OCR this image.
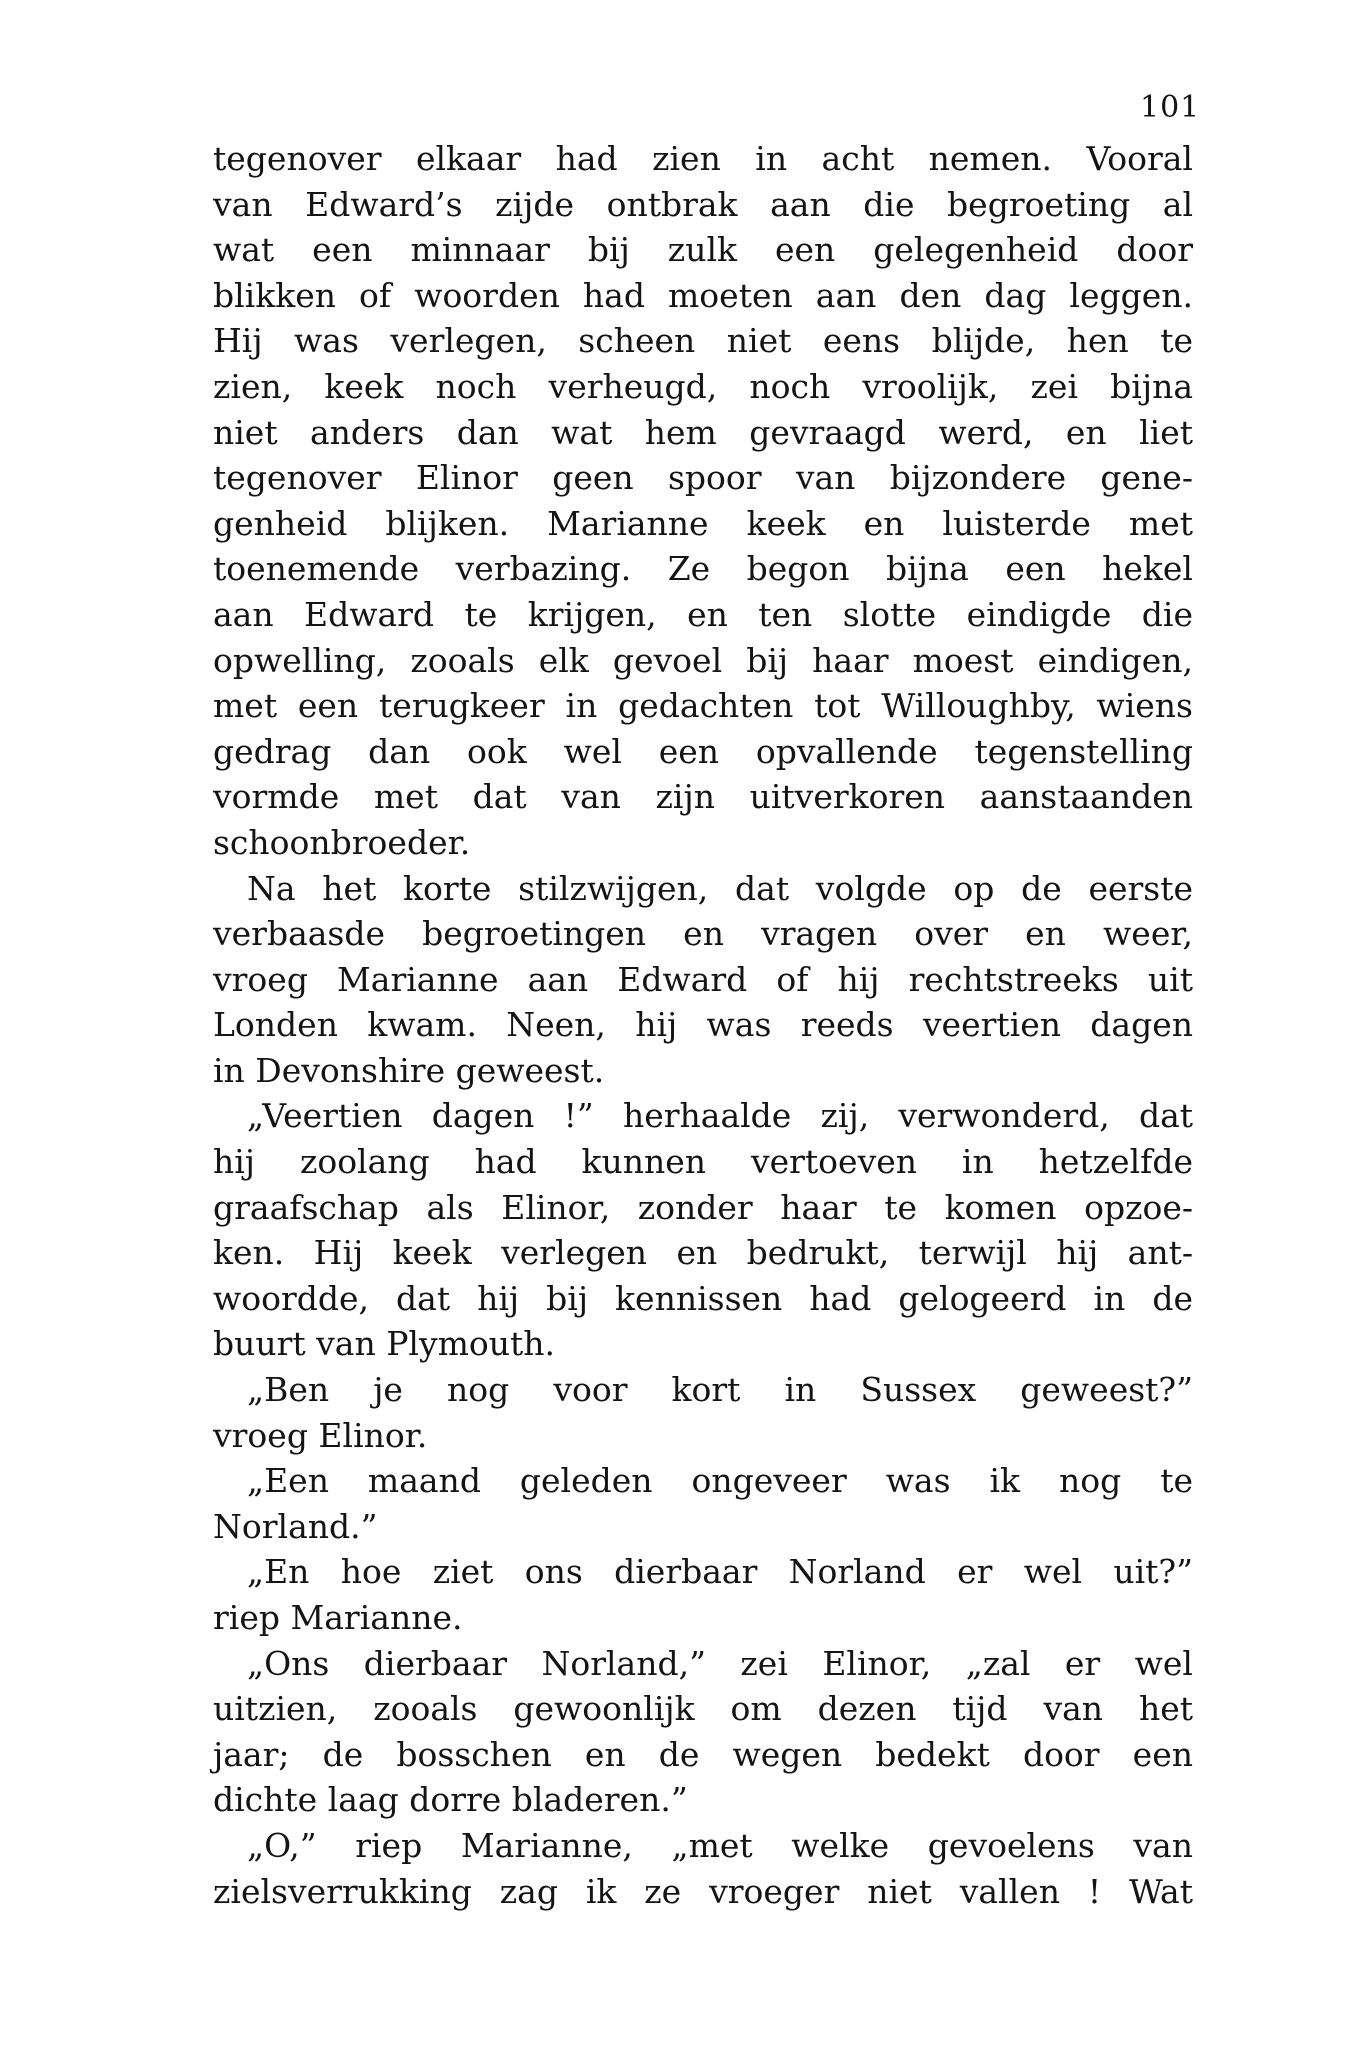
101
tegenover elkaar had zien in acht nemen. Vooral
van Edward’s zijde ontbrak aan die begroeting al
wat een minnaar bij zulk een gelegenheid door
blikken of woorden had moeten aan den dag leggen.
Hij was verlegen, scheen niet eens blijde, hen te
zien, keek noch verheugd, noch vroolijk, zei bijna
niet anders dan wat hem gevraagd werd, en liet
tegenover Elinor geen spoor van bijzondere gene-
genheid blijken. Marianne keek en luisterde met
toenemende verbazing. Ze begon bijna een hekel
aan Edward te krijgen, en ten slotte eindigde die
opwelling, zooals elk gevoel bij haar moest eindigen,
met een terugkeer in gedachten tot Willoughby, wiens
gedrag dan ook wel een opvallende tegenstelling
vormde met dat van zijn uitverkoren aanstaanden
schoonbroeder.
Na het korte stilzwijgen, dat volgde op de eerste
verbaasde begroetingen en vragen over en weer,
vroeg Marianne aan Edward of hij rechtstreeks uit
Londen kwam. Neen, hij was reeds veertien dagen
in Devonshire geweest.
„Veertien dagen !” herhaalde zij, verwonderd, dat
hij zoolang had kunnen vertoeven in hetzelfde
graafschap als Elinor, zonder haar te komen opzoe-
ken. Hij keek verlegen en bedrukt, terwijl hij ant-
woordde, dat hij bij kennissen had gelogeerd in de
buurt van Plymouth.
„Ben je nog voor kort in Sussex geweest?”
vroeg Elinor.
„Een maand geleden ongeveer was ik nog te
Norland.”
„En hoe ziet ons dierbaar Norland er wel uit?”
riep Marianne.
„Ons dierbaar Norland,” zei Elinor, „zal er wel
uitzien, zooals gewoonlijk om dezen tijd van het
jaar; de bosschen en de wegen bedekt door een
dichte laag dorre bladeren.”
„O,” riep Marianne, „met welke gevoelens van
zielsverrukking zag ik ze vroeger niet vallen ! Wat
